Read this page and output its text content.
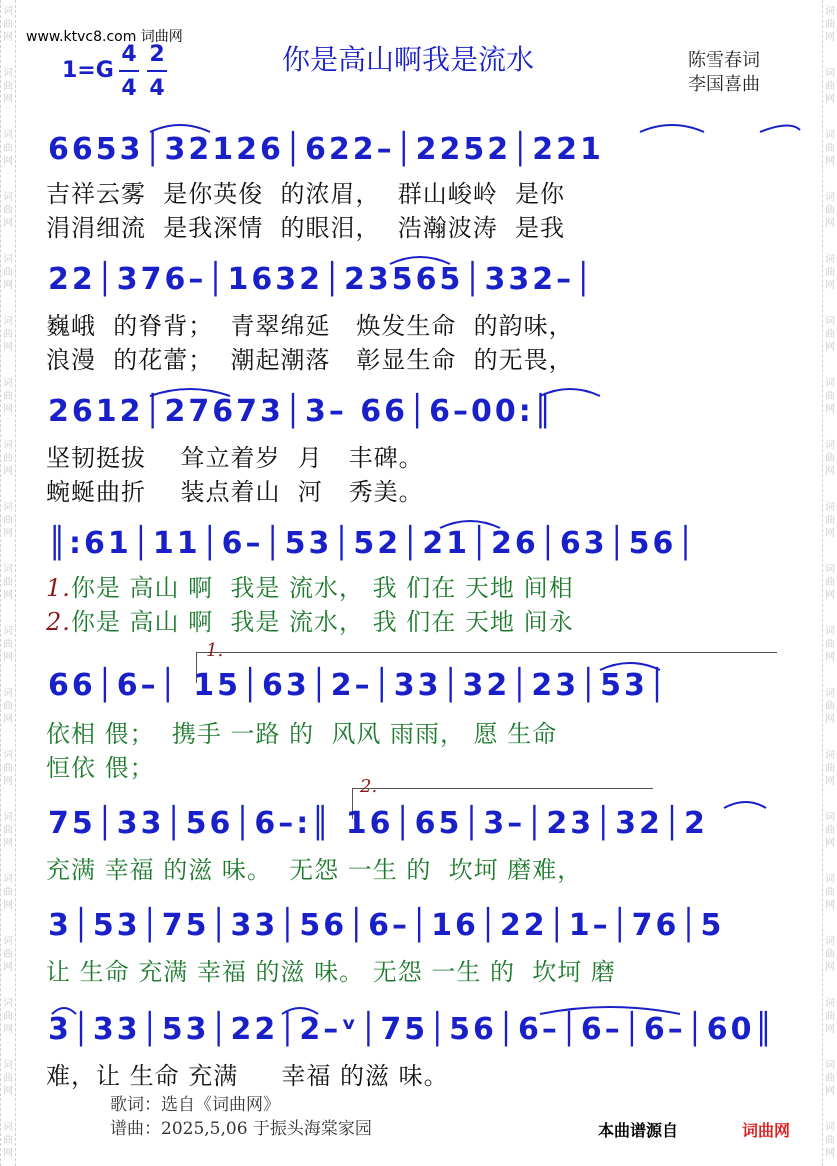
词
曲
网
词
曲
网
词
曲
网
词
曲
网
词
曲
网
词
曲
网
词
曲
网
词
曲
网
词
曲
网
词
曲
网
词
曲
网
词
曲
网
词
曲
网
词
曲
网
词
曲
网
词
曲
网
词
曲
网
词
曲
网
词
曲
网
词
曲
网
词
曲
网
词
曲
网
词
曲
网
词
曲
网
词
曲
网
词
曲
网
词
曲
网
词
曲
网
词
曲
网
词
曲
网
词
曲
网
词
曲
网
词
曲
网
词
曲
网
词
曲
网
词
曲
网
词
曲
网
词
曲
网
www.ktvc8.com 词曲网
1=G
4
4
2
4
你是高山啊我是流水	陈雪春词
李国喜曲
6653│32126│622–│2252│221
吉祥云雾  是你英俊  的浓眉，  群山峻岭  是你
涓涓细流  是我深情  的眼泪，  浩瀚波涛  是我
22│376–│1632│23565│332–│
巍峨  的脊背；  青翠绵延   焕发生命  的韵味，
浪漫  的花蕾；  潮起潮落   彰显生命  的无畏，
2612│27673│3– 66│6–00:║
坚韧挺拔    耸立着岁  月   丰碑。
蜿蜒曲折    装点着山  河   秀美。
║:61│11│6–│53│52│21│26│63│56│
1.你是 高山 啊  我是 流水， 我 们在 天地 间相
2.你是 高山 啊  我是 流水， 我 们在 天地 间永
1.
66│6–│ 15│63│2–│33│32│23│53│
依相 偎；  携手 一路 的  风风 雨雨， 愿 生命
恒依 偎；
2.
75│33│56│6–:║ 16│65│3–│23│32│2
充满 幸福 的滋 味。  无怨 一生 的  坎坷 磨难，
3│53│75│33│56│6–│16│22│1–│76│5
让 生命 充满 幸福 的滋 味。 无怨 一生 的  坎坷 磨
3│33│53│22│2–ᵛ│75│56│6–│6–│6–│60║
难，让 生命 充满     幸福 的滋 味。
歌词：选自《词曲网》
谱曲：2025,5,06 于振头海棠家园	本曲谱源自	词曲网
